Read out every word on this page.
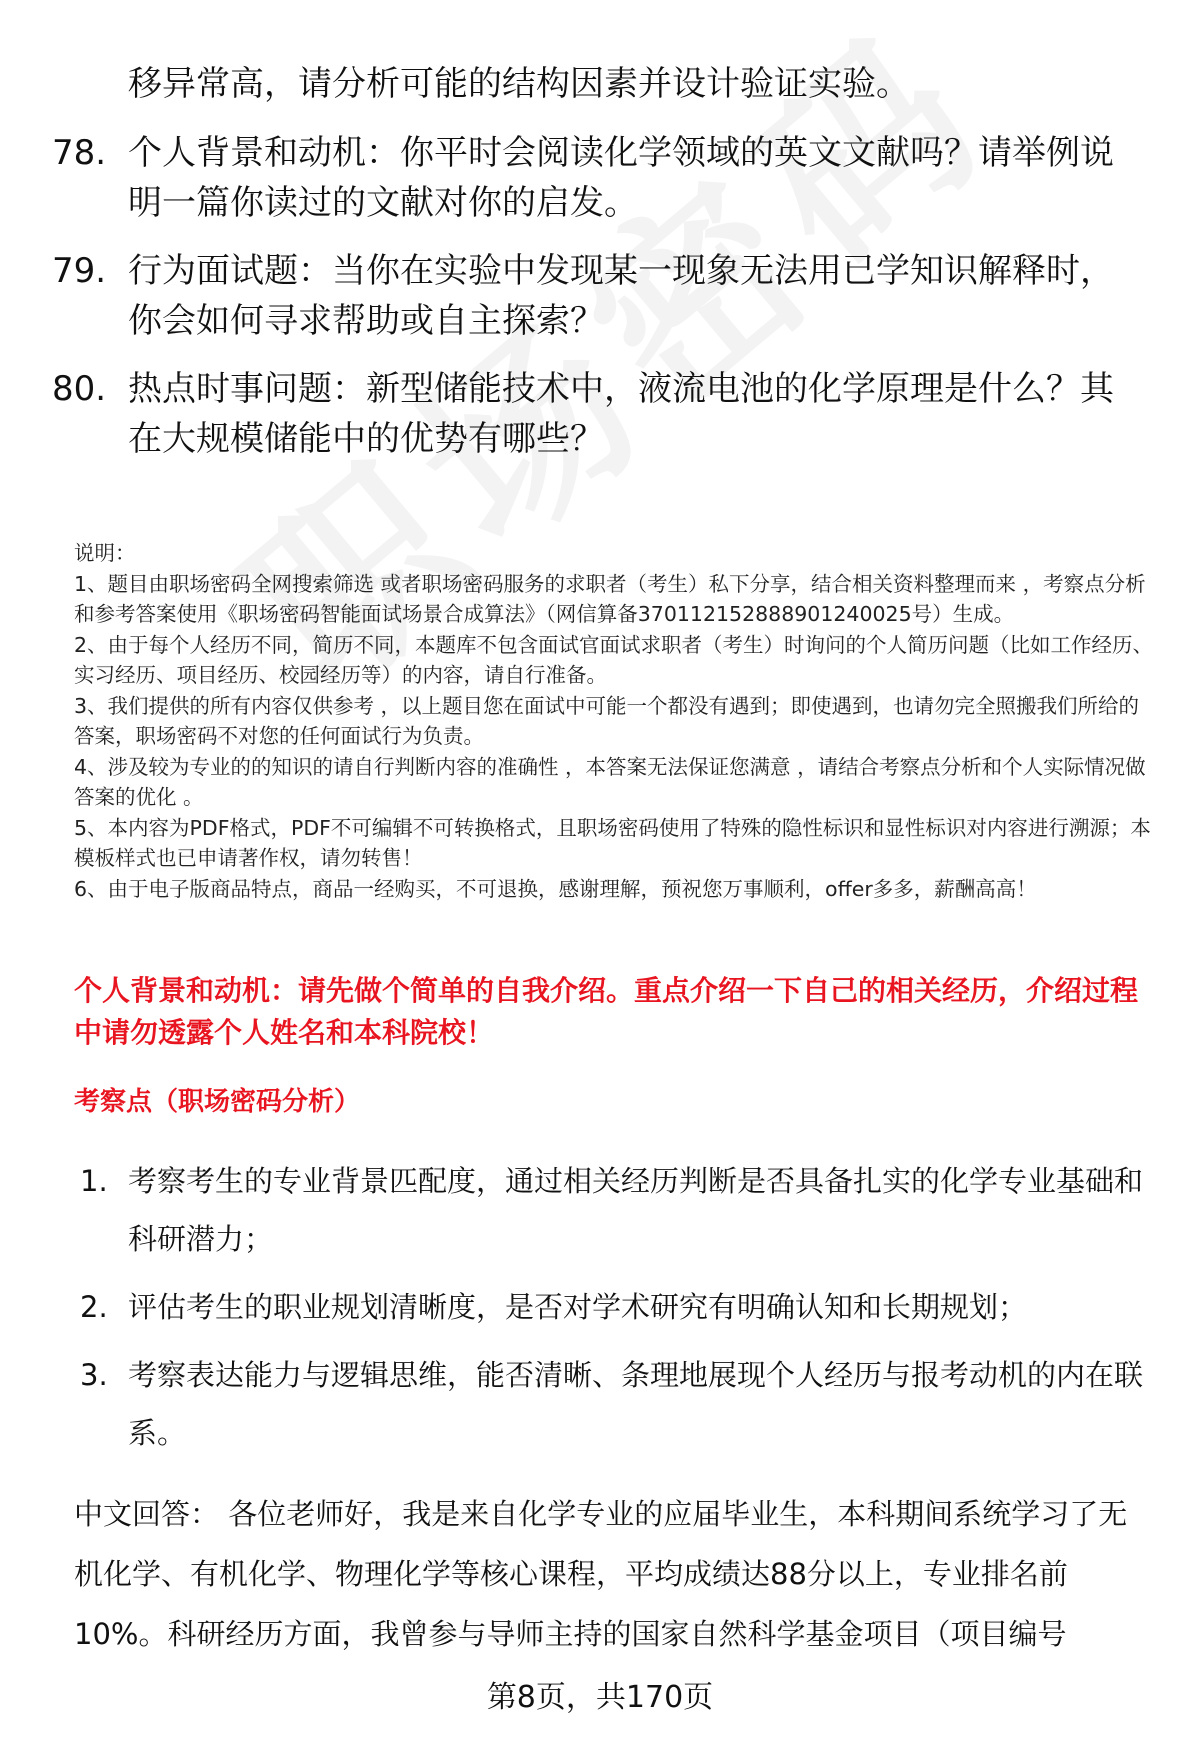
移异常高，请分析可能的结构因素并设计验证实验。
78. 个人背景和动机：你平时会阅读化学领域的英文文献吗？请举例说明一篇你读过的文献对你的启发。
79. 行为面试题：当你在实验中发现某一现象无法用已学知识解释时，你会如何寻求帮助或自主探索？
80. 热点时事问题：新型储能技术中，液流电池的化学原理是什么？其在大规模储能中的优势有哪些？

说明：

1、题目由职场密码全网搜索筛选 或者职场密码服务的求职者（考生）私下分享，结合相关资料整理而来 ，考察点分析和参考答案使用《职场密码智能面试场景合成算法》（网信算备370112152888901240025号）生成。

2、由于每个人经历不同，简历不同，本题库不包含面试官面试求职者（考生）时询问的个人简历问题（比如工作经历、实习经历、项目经历、校园经历等）的内容，请自行准备。

3、我们提供的所有内容仅供参考 ，以上题目您在面试中可能一个都没有遇到；即使遇到，也请勿完全照搬我们所给的答案，职场密码不对您的任何面试行为负责。

4、涉及较为专业的的知识的请自行判断内容的准确性 ，本答案无法保证您满意 ，请结合考察点分析和个人实际情况做答案的优化 。

5、本内容为PDF格式，PDF不可编辑不可转换格式，且职场密码使用了特殊的隐性标识和显性标识对内容进行溯源；本模板样式也已申请著作权，请勿转售！

6、由于电子版商品特点，商品一经购买，不可退换，感谢理解，预祝您万事顺利，offer多多，薪酬高高！

个人背景和动机：请先做个简单的自我介绍。重点介绍一下自己的相关经历，介绍过程中请勿透露个人姓名和本科院校！
考察点（职场密码分析）
1. 考察考生的专业背景匹配度，通过相关经历判断是否具备扎实的化学专业基础和科研潜力；
2. 评估考生的职业规划清晰度，是否对学术研究有明确认知和长期规划；
3. 考察表达能力与逻辑思维，能否清晰、条理地展现个人经历与报考动机的内在联系。
中文回答： 各位老师好，我是来自化学专业的应届毕业生，本科期间系统学习了无机化学、有机化学、物理化学等核心课程，平均成绩达88分以上，专业排名前10%。科研经历方面，我曾参与导师主持的国家自然科学基金项目（项目编号
第8页，共170页
